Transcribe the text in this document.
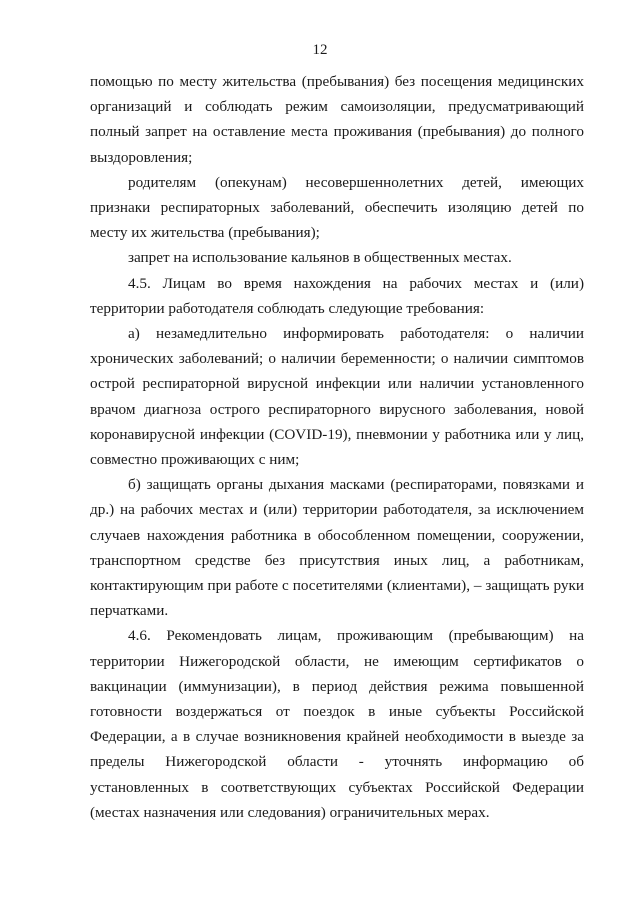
12

помощью по месту жительства (пребывания) без посещения медицинских организаций и соблюдать режим самоизоляции, предусматривающий полный запрет на оставление места проживания (пребывания) до полного выздоровления;

родителям (опекунам) несовершеннолетних детей, имеющих признаки респираторных заболеваний, обеспечить изоляцию детей по месту их жительства (пребывания);

запрет на использование кальянов в общественных местах.

4.5. Лицам во время нахождения на рабочих местах и (или) территории работодателя соблюдать следующие требования:

а) незамедлительно информировать работодателя: о наличии хронических заболеваний; о наличии беременности; о наличии симптомов острой респираторной вирусной инфекции или наличии установленного врачом диагноза острого респираторного вирусного заболевания, новой коронавирусной инфекции (COVID-19), пневмонии у работника или у лиц, совместно проживающих с ним;

б) защищать органы дыхания масками (респираторами, повязками и др.) на рабочих местах и (или) территории работодателя, за исключением случаев нахождения работника в обособленном помещении, сооружении, транспортном средстве без присутствия иных лиц, а работникам, контактирующим при работе с посетителями (клиентами), – защищать руки перчатками.

4.6. Рекомендовать лицам, проживающим (пребывающим) на территории Нижегородской области, не имеющим сертификатов о вакцинации (иммунизации), в период действия режима повышенной готовности воздержаться от поездок в иные субъекты Российской Федерации, а в случае возникновения крайней необходимости в выезде за пределы Нижегородской области - уточнять информацию об установленных в соответствующих субъектах Российской Федерации (местах назначения или следования) ограничительных мерах.
